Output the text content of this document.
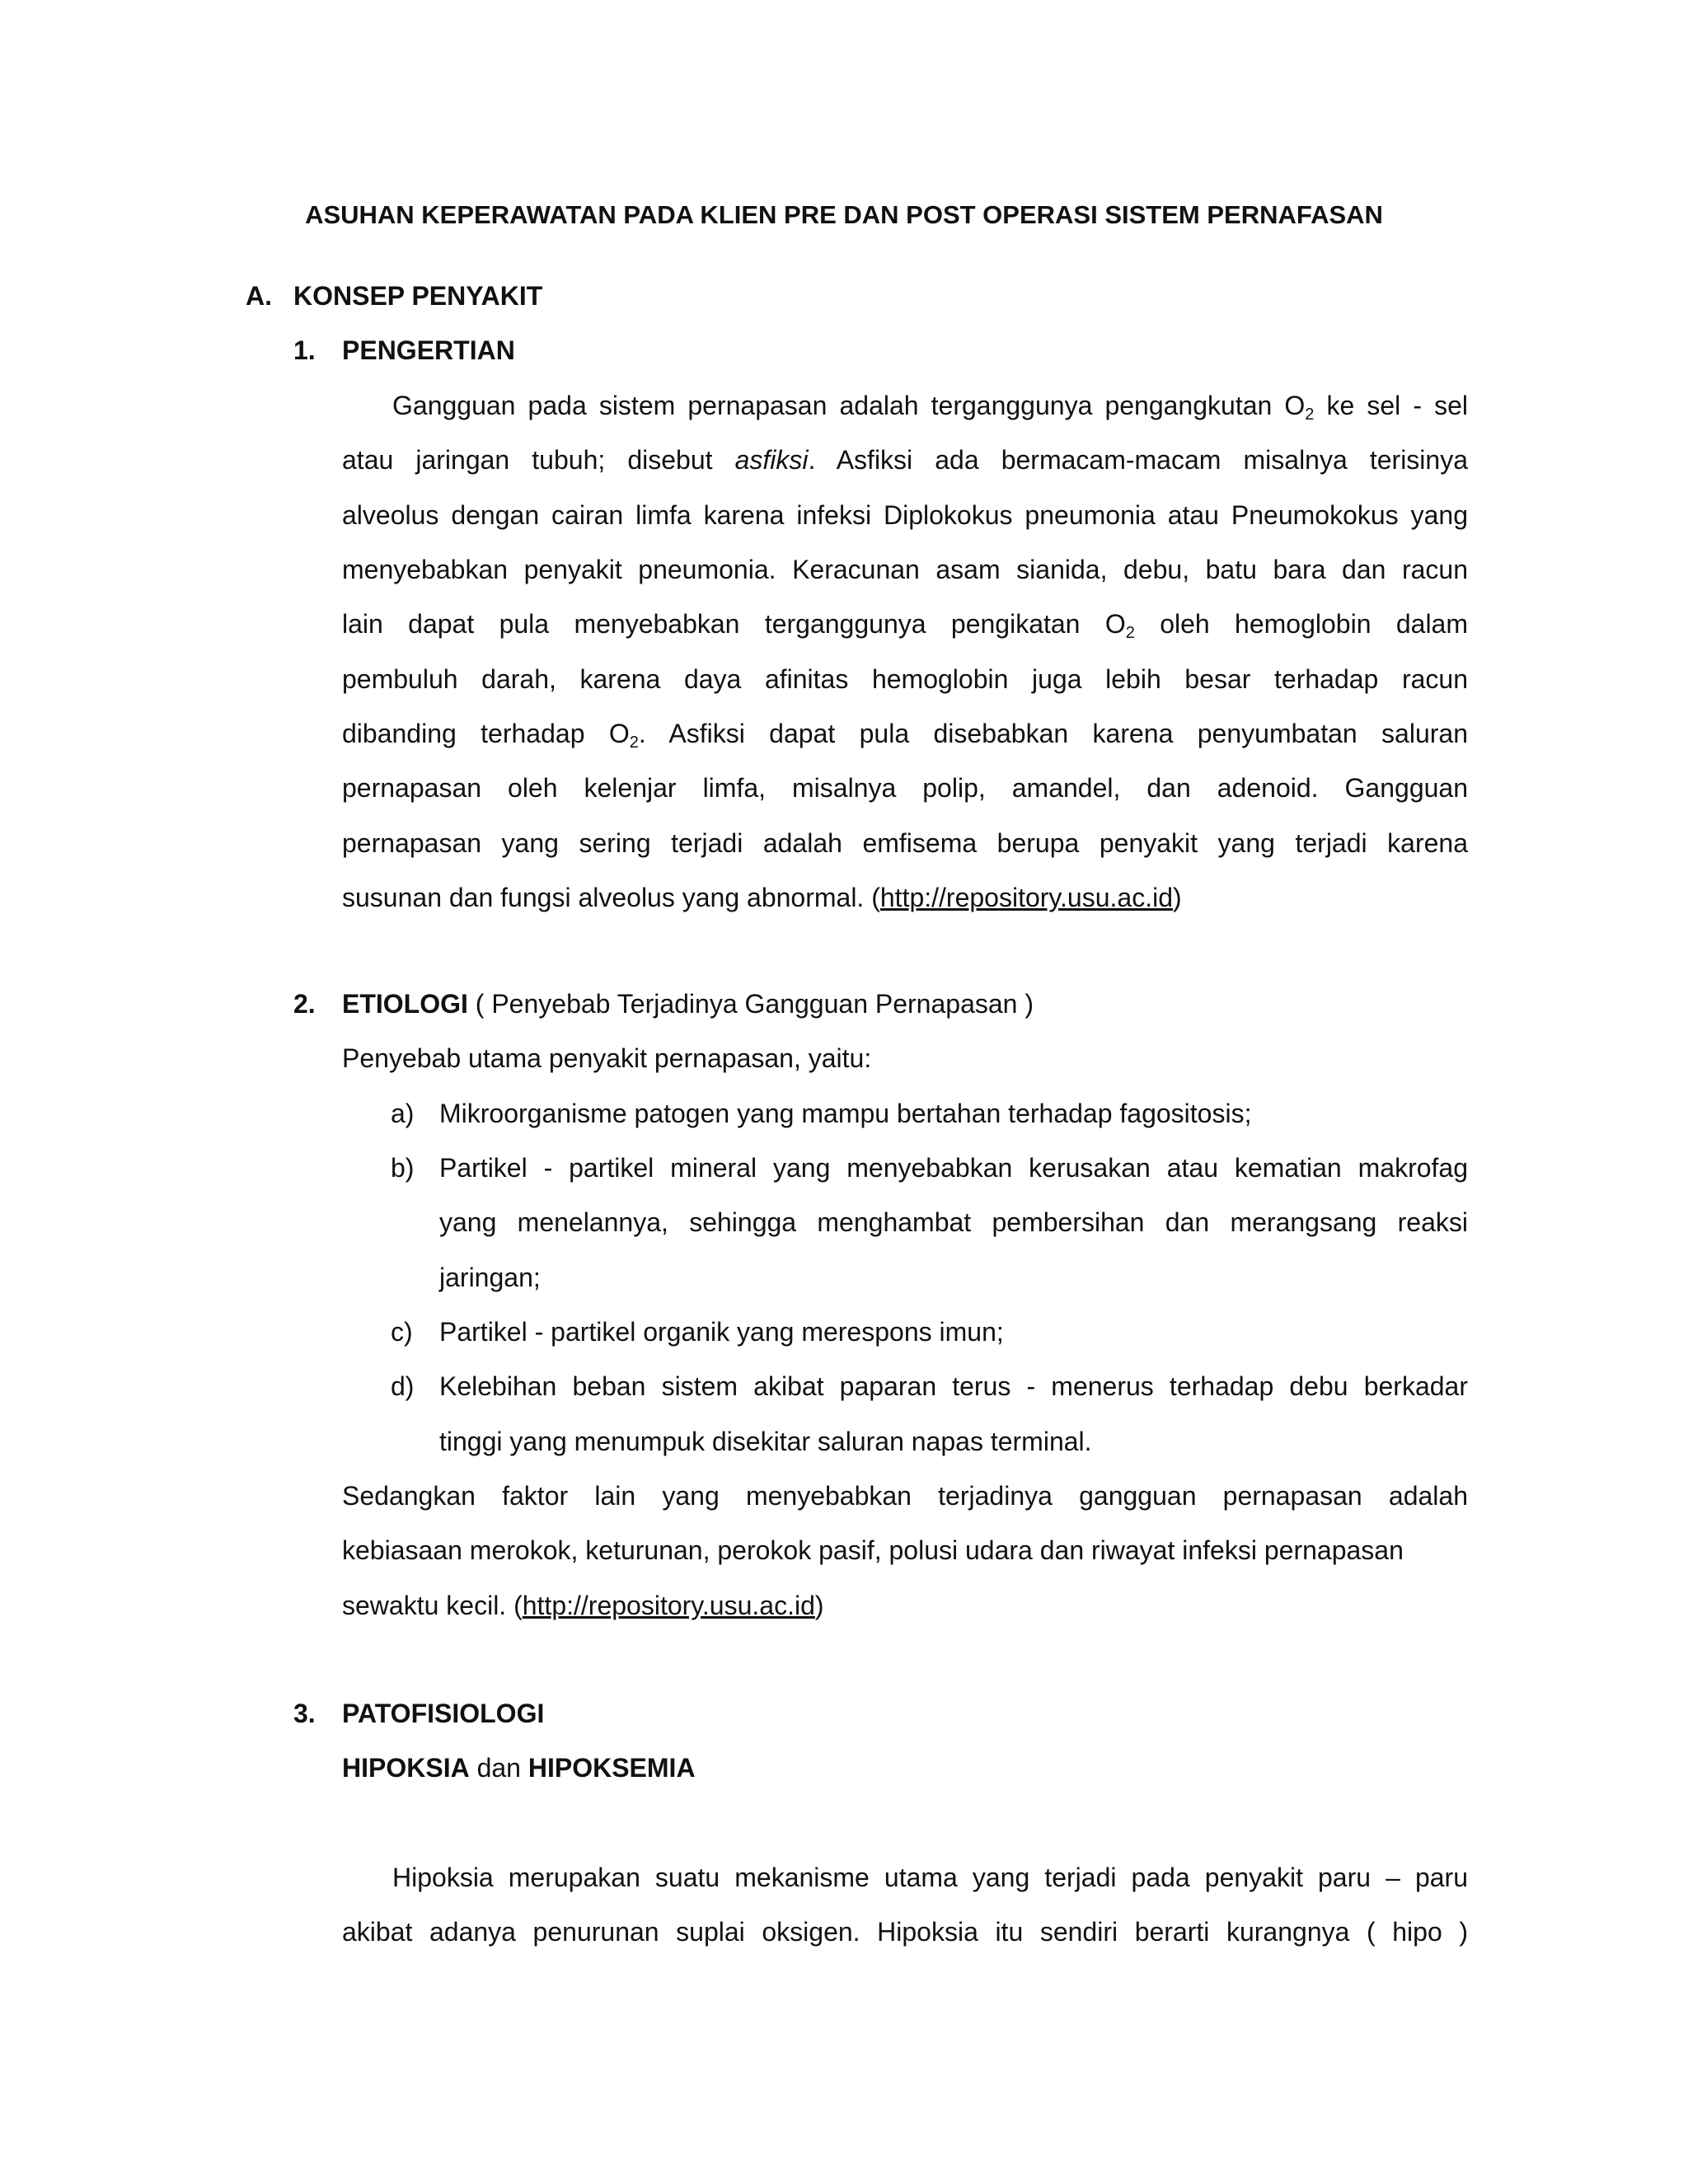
ASUHAN KEPERAWATAN PADA KLIEN PRE DAN POST OPERASI SISTEM PERNAFASAN

A. KONSEP PENYAKIT

1. PENGERTIAN

Gangguan pada sistem pernapasan adalah terganggunya pengangkutan $O_2$ ke sel - sel

atau jaringan tubuh; disebut asfiksi. Asfiksi ada bermacam-macam misalnya terisinya

alveolus dengan cairan limfa karena infeksi Diplokokus pneumonia atau Pneumokokus yang

menyebabkan penyakit pneumonia. Keracunan asam sianida, debu, batu bara dan racun

lain dapat pula menyebabkan terganggunya pengikatan $O_2$ oleh hemoglobin dalam

pembuluh darah, karena daya afinitas hemoglobin juga lebih besar terhadap racun

dibanding terhadap $O_2$. Asfiksi dapat pula disebabkan karena penyumbatan saluran

pernapasan oleh kelenjar limfa, misalnya polip, amandel, dan adenoid. Gangguan

pernapasan yang sering terjadi adalah emfisema berupa penyakit yang terjadi karena

susunan dan fungsi alveolus yang abnormal. (http://repository.usu.ac.id)

2. ETIOLOGI ( Penyebab Terjadinya Gangguan Pernapasan )

Penyebab utama penyakit pernapasan, yaitu:

a) Mikroorganisme patogen yang mampu bertahan terhadap fagositosis;

b) Partikel - partikel mineral yang menyebabkan kerusakan atau kematian makrofag

yang menelannya, sehingga menghambat pembersihan dan merangsang reaksi

jaringan;

c) Partikel - partikel organik yang merespons imun;

d) Kelebihan beban sistem akibat paparan terus - menerus terhadap debu berkadar

tinggi yang menumpuk disekitar saluran napas terminal.

Sedangkan faktor lain yang menyebabkan terjadinya gangguan pernapasan adalah

kebiasaan merokok, keturunan, perokok pasif, polusi udara dan riwayat infeksi pernapasan

sewaktu kecil. (http://repository.usu.ac.id)

3. PATOFISIOLOGI

HIPOKSIA dan HIPOKSEMIA

Hipoksia merupakan suatu mekanisme utama yang terjadi pada penyakit paru – paru

akibat adanya penurunan suplai oksigen. Hipoksia itu sendiri berarti kurangnya ( hipo )
